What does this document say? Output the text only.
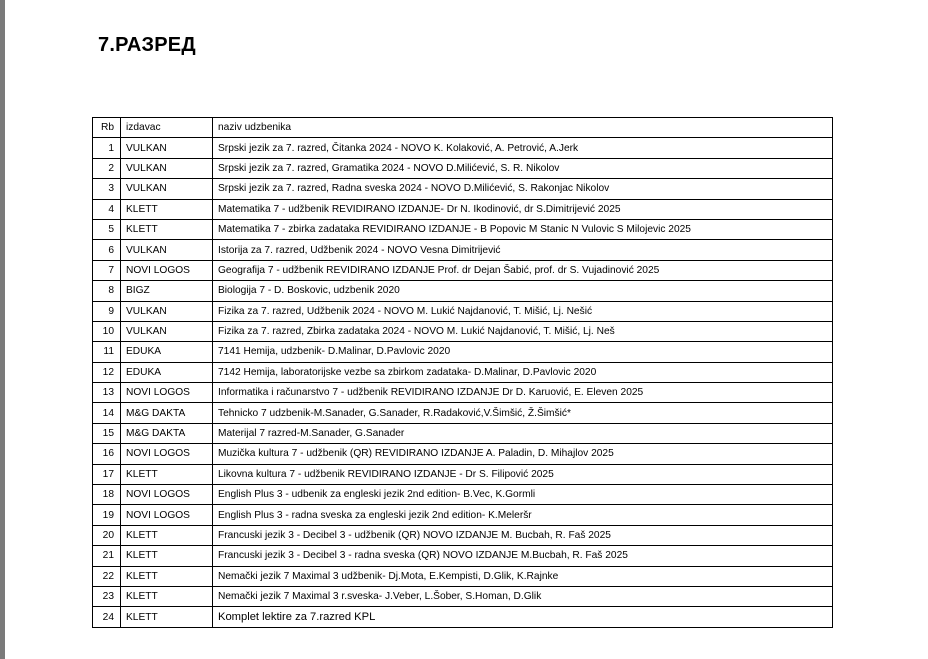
7.РАЗРЕД
Rb	izdavac	naziv udzbenika
1	VULKAN	Srpski jezik za 7. razred, Čitanka 2024 - NOVO K. Kolaković, A. Petrović, A.Jerk
2	VULKAN	Srpski jezik za 7. razred, Gramatika 2024 - NOVO D.Milićević, S. R. Nikolov
3	VULKAN	Srpski jezik za 7. razred, Radna sveska 2024 - NOVO D.Milićević, S. Rakonjac Nikolov
4	KLETT	Matematika 7 - udžbenik REVIDIRANO IZDANJE- Dr N. Ikodinović, dr S.Dimitrijević 2025
5	KLETT	Matematika 7 - zbirka zadataka REVIDIRANO IZDANJE - B Popovic M Stanic N Vulovic S Milojevic 2025
6	VULKAN	Istorija za 7. razred, Udžbenik 2024 - NOVO Vesna Dimitrijević
7	NOVI LOGOS	Geografija 7 - udžbenik REVIDIRANO IZDANJE Prof. dr Dejan Šabić, prof. dr S. Vujadinović 2025
8	BIGZ	Biologija 7 - D. Boskovic, udzbenik 2020
9	VULKAN	Fizika za 7. razred, Udžbenik 2024 - NOVO M. Lukić Najdanović, T. Mišić, Lj. Nešić
10	VULKAN	Fizika za 7. razred, Zbirka zadataka 2024 - NOVO M. Lukić Najdanović, T. Mišić, Lj. Neš
11	EDUKA	7141 Hemija, udzbenik- D.Malinar, D.Pavlovic 2020
12	EDUKA	7142 Hemija, laboratorijske vezbe sa zbirkom zadataka- D.Malinar, D.Pavlovic 2020
13	NOVI LOGOS	Informatika i računarstvo 7 - udžbenik REVIDIRANO IZDANJE Dr D. Karuović, E. Eleven 2025
14	M&G DAKTA	Tehnicko 7 udzbenik-M.Sanader, G.Sanader, R.Radaković,V.Šimšić, Ž.Šimšić*
15	M&G DAKTA	Materijal 7 razred-M.Sanader, G.Sanader
16	NOVI LOGOS	Muzička kultura 7 - udžbenik (QR) REVIDIRANO IZDANJE A. Paladin, D. Mihajlov 2025
17	KLETT	Likovna kultura 7 - udžbenik REVIDIRANO IZDANJE - Dr S. Filipović 2025
18	NOVI LOGOS	English Plus 3 - udbenik za engleski jezik 2nd edition- B.Vec, K.Gormli
19	NOVI LOGOS	English Plus 3 - radna sveska za engleski jezik 2nd edition- K.Meleršr
20	KLETT	Francuski jezik 3 - Decibel 3 - udžbenik (QR) NOVO IZDANJE M. Bucbah, R. Faš 2025
21	KLETT	Francuski jezik 3 - Decibel 3 - radna sveska (QR) NOVO IZDANJE M.Bucbah, R. Faš 2025
22	KLETT	Nemački jezik 7 Maximal 3 udžbenik- Dj.Mota, E.Kempisti, D.Glik, K.Rajnke
23	KLETT	Nemački jezik 7 Maximal 3 r.sveska- J.Veber, L.Šober, S.Homan, D.Glik
24	KLETT	Komplet lektire za 7.razred KPL
